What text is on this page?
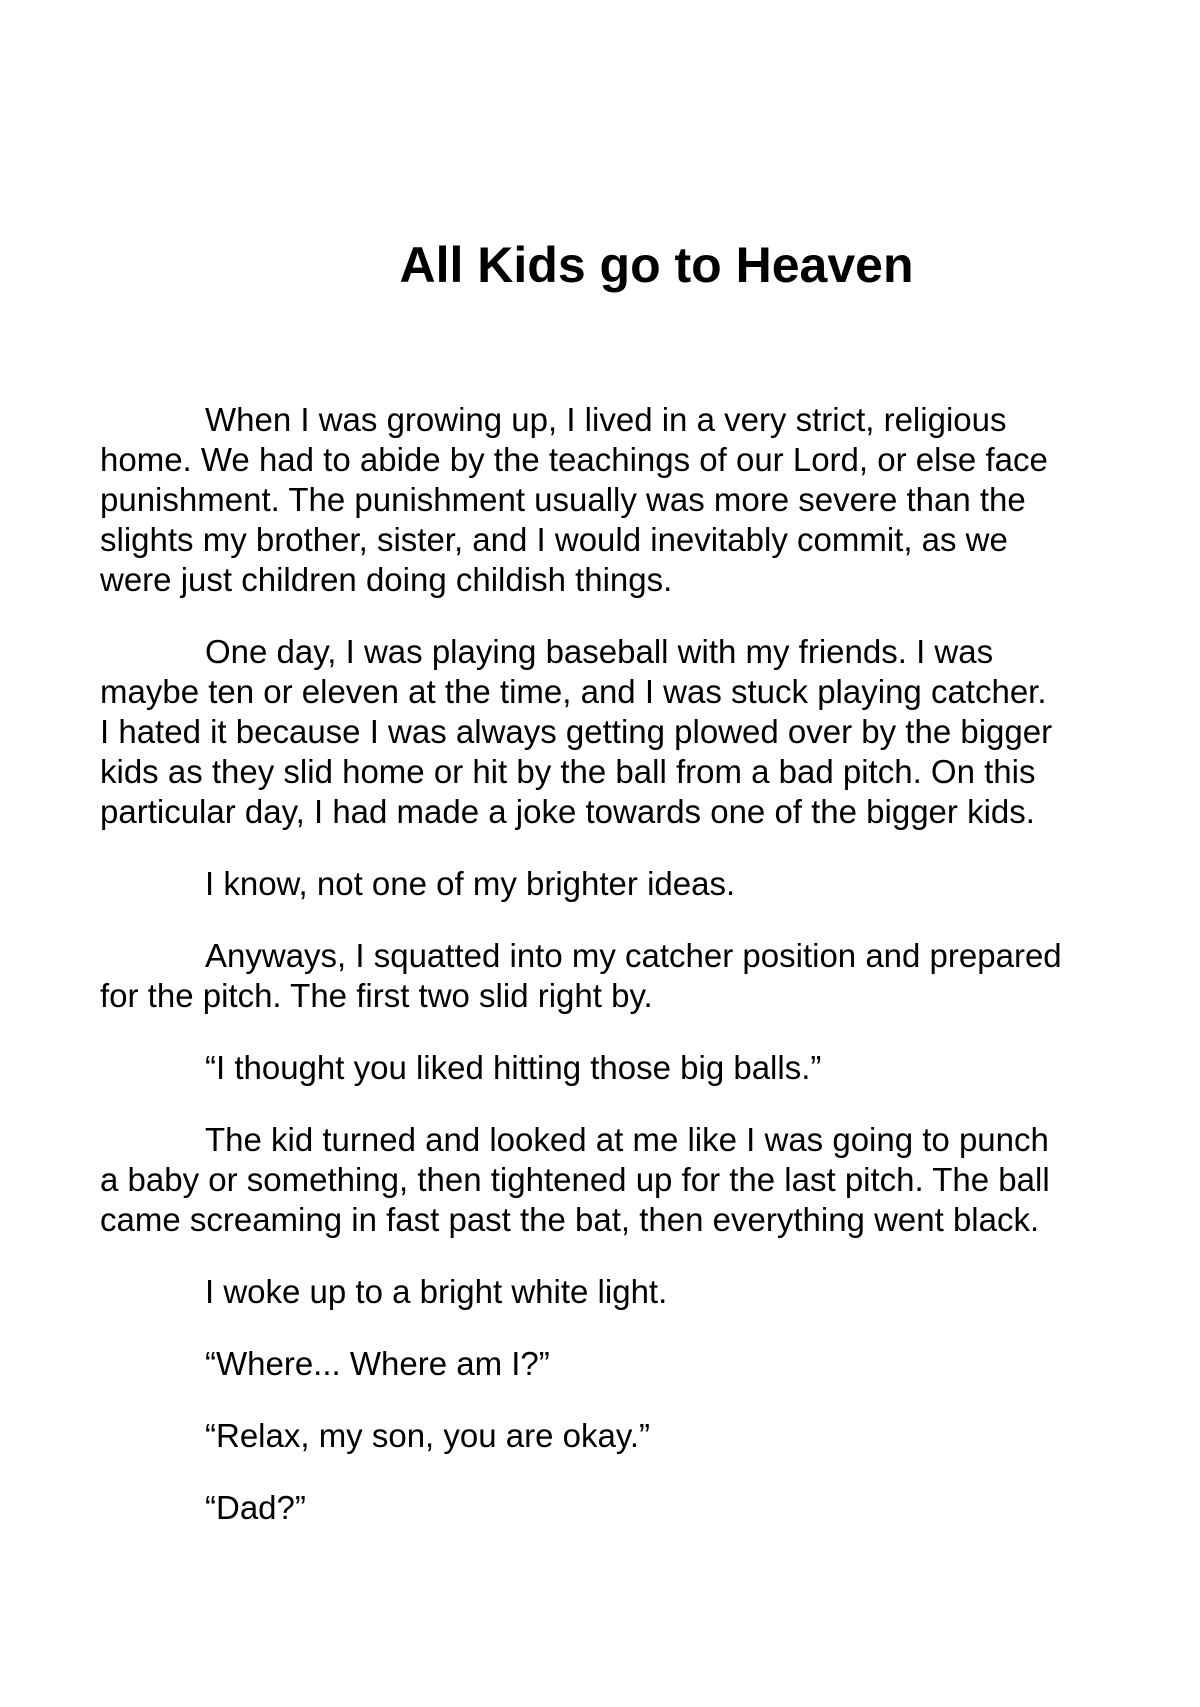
All Kids go to Heaven
When I was growing up, I lived in a very strict, religious
home. We had to abide by the teachings of our Lord, or else face
punishment. The punishment usually was more severe than the
slights my brother, sister, and I would inevitably commit, as we
were just children doing childish things.
One day, I was playing baseball with my friends. I was
maybe ten or eleven at the time, and I was stuck playing catcher.
I hated it because I was always getting plowed over by the bigger
kids as they slid home or hit by the ball from a bad pitch. On this
particular day, I had made a joke towards one of the bigger kids.
I know, not one of my brighter ideas.
Anyways, I squatted into my catcher position and prepared
for the pitch. The first two slid right by.
“I thought you liked hitting those big balls.”
The kid turned and looked at me like I was going to punch
a baby or something, then tightened up for the last pitch. The ball
came screaming in fast past the bat, then everything went black.
I woke up to a bright white light.
“Where... Where am I?”
“Relax, my son, you are okay.”
“Dad?”
